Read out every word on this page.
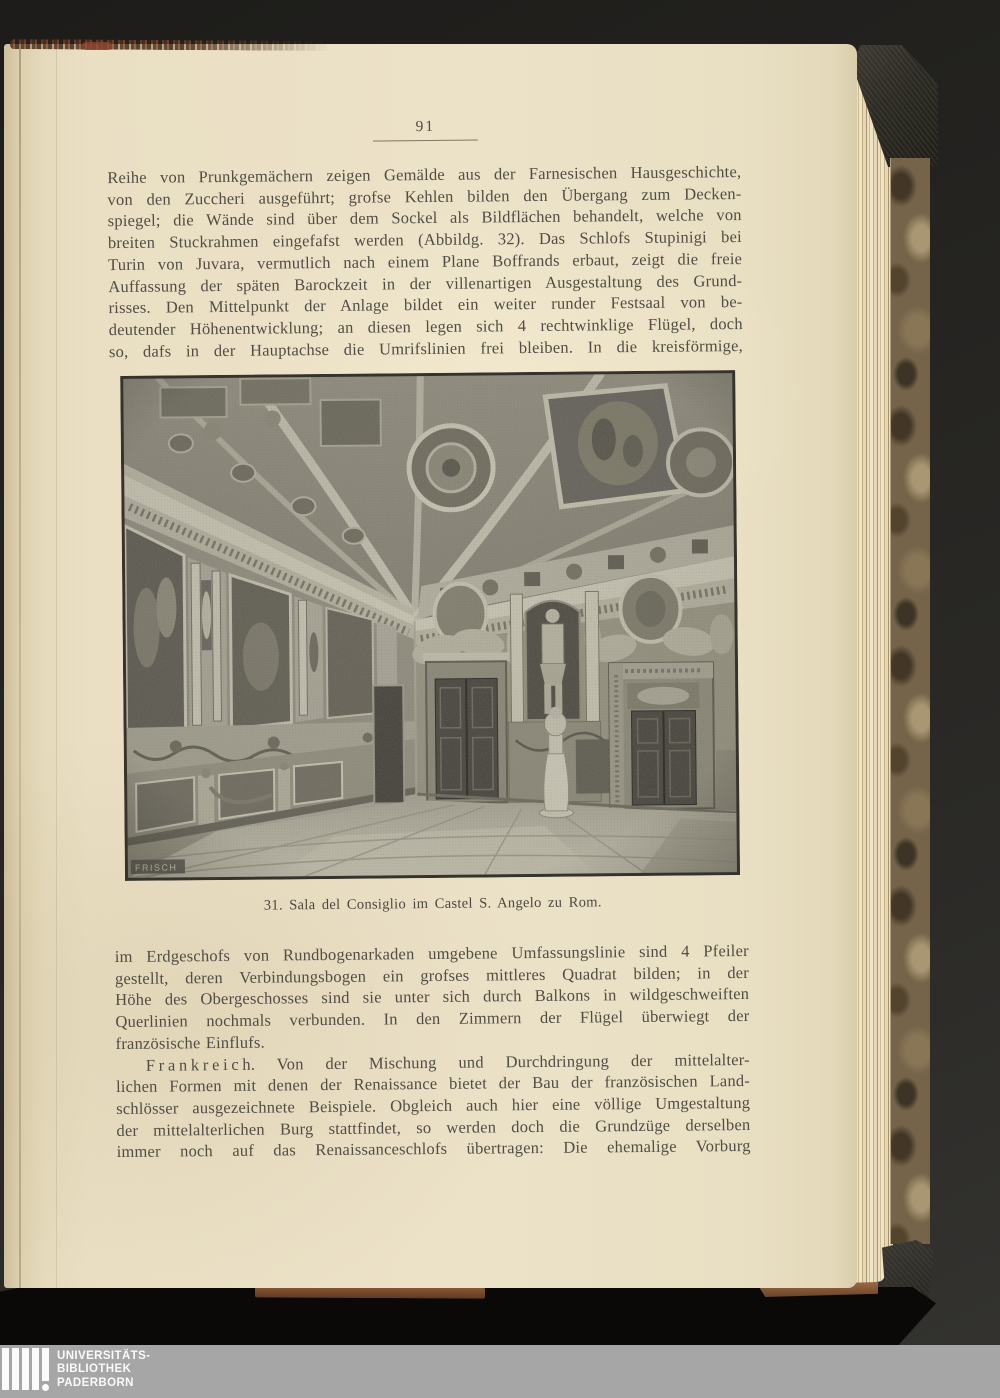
91
Reihe von Prunkgemächern zeigen Gemälde aus der Farnesischen Hausgeschichte,
von den Zuccheri ausgeführt; grofse Kehlen bilden den Übergang zum Decken-
spiegel; die Wände sind über dem Sockel als Bildflächen behandelt, welche von
breiten Stuckrahmen eingefafst werden (Abbildg. 32). Das Schlofs Stupinigi bei
Turin von Juvara, vermutlich nach einem Plane Boffrands erbaut, zeigt die freie
Auffassung der späten Barockzeit in der villenartigen Ausgestaltung des Grund-
risses. Den Mittelpunkt der Anlage bildet ein weiter runder Festsaal von be-
deutender Höhenentwicklung; an diesen legen sich 4 rechtwinklige Flügel, doch
so, dafs in der Hauptachse die Umrifslinien frei bleiben. In die kreisförmige,
31. Sala del Consiglio im Castel S. Angelo zu Rom.
im Erdgeschofs von Rundbogenarkaden umgebene Umfassungslinie sind 4 Pfeiler
gestellt, deren Verbindungsbogen ein grofses mittleres Quadrat bilden; in der
Höhe des Obergeschosses sind sie unter sich durch Balkons in wildgeschweiften
Querlinien nochmals verbunden. In den Zimmern der Flügel überwiegt der
französische Einflufs.
F r a n k r e i c h. Von der Mischung und Durchdringung der mittelalter-
lichen Formen mit denen der Renaissance bietet der Bau der französischen Land-
schlösser ausgezeichnete Beispiele. Obgleich auch hier eine völlige Umgestaltung
der mittelalterlichen Burg stattfindet, so werden doch die Grundzüge derselben
immer noch auf das Renaissanceschlofs übertragen: Die ehemalige Vorburg
UNIVERSITÄTS-
BIBLIOTHEK
PADERBORN
